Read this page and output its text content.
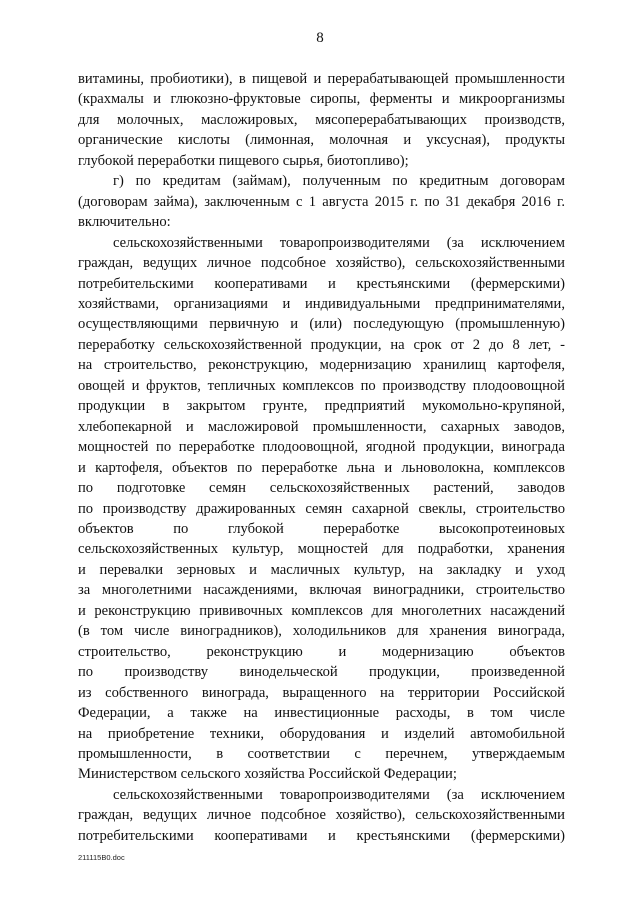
8

витамины, пробиотики), в пищевой и перерабатывающей промышленности

(крахмалы и глюкозно-фруктовые сиропы, ферменты и микроорганизмы

для молочных, масложировых, мясоперерабатывающих производств,

органические кислоты (лимонная, молочная и уксусная), продукты

глубокой переработки пищевого сырья, биотопливо);

г) по кредитам (займам), полученным по кредитным договорам

(договорам займа), заключенным с 1 августа 2015 г. по 31 декабря 2016 г.

включительно:

сельскохозяйственными товаропроизводителями (за исключением

граждан, ведущих личное подсобное хозяйство), сельскохозяйственными

потребительскими кооперативами и крестьянскими (фермерскими)

хозяйствами, организациями и индивидуальными предпринимателями,

осуществляющими первичную и (или) последующую (промышленную)

переработку сельскохозяйственной продукции, на срок от 2 до 8 лет, -

на строительство, реконструкцию, модернизацию хранилищ картофеля,

овощей и фруктов, тепличных комплексов по производству плодоовощной

продукции в закрытом грунте, предприятий мукомольно-крупяной,

хлебопекарной и масложировой промышленности, сахарных заводов,

мощностей по переработке плодоовощной, ягодной продукции, винограда

и картофеля, объектов по переработке льна и льноволокна, комплексов

по подготовке семян сельскохозяйственных растений, заводов

по производству дражированных семян сахарной свеклы, строительство

объектов по глубокой переработке высокопротеиновых

сельскохозяйственных культур, мощностей для подработки, хранения

и перевалки зерновых и масличных культур, на закладку и уход

за многолетними насаждениями, включая виноградники, строительство

и реконструкцию прививочных комплексов для многолетних насаждений

(в том числе виноградников), холодильников для хранения винограда,

строительство, реконструкцию и модернизацию объектов

по производству винодельческой продукции, произведенной

из собственного винограда, выращенного на территории Российской

Федерации, а также на инвестиционные расходы, в том числе

на приобретение техники, оборудования и изделий автомобильной

промышленности, в соответствии с перечнем, утверждаемым

Министерством сельского хозяйства Российской Федерации;

сельскохозяйственными товаропроизводителями (за исключением

граждан, ведущих личное подсобное хозяйство), сельскохозяйственными

потребительскими кооперативами и крестьянскими (фермерскими)

211115B0.doc
